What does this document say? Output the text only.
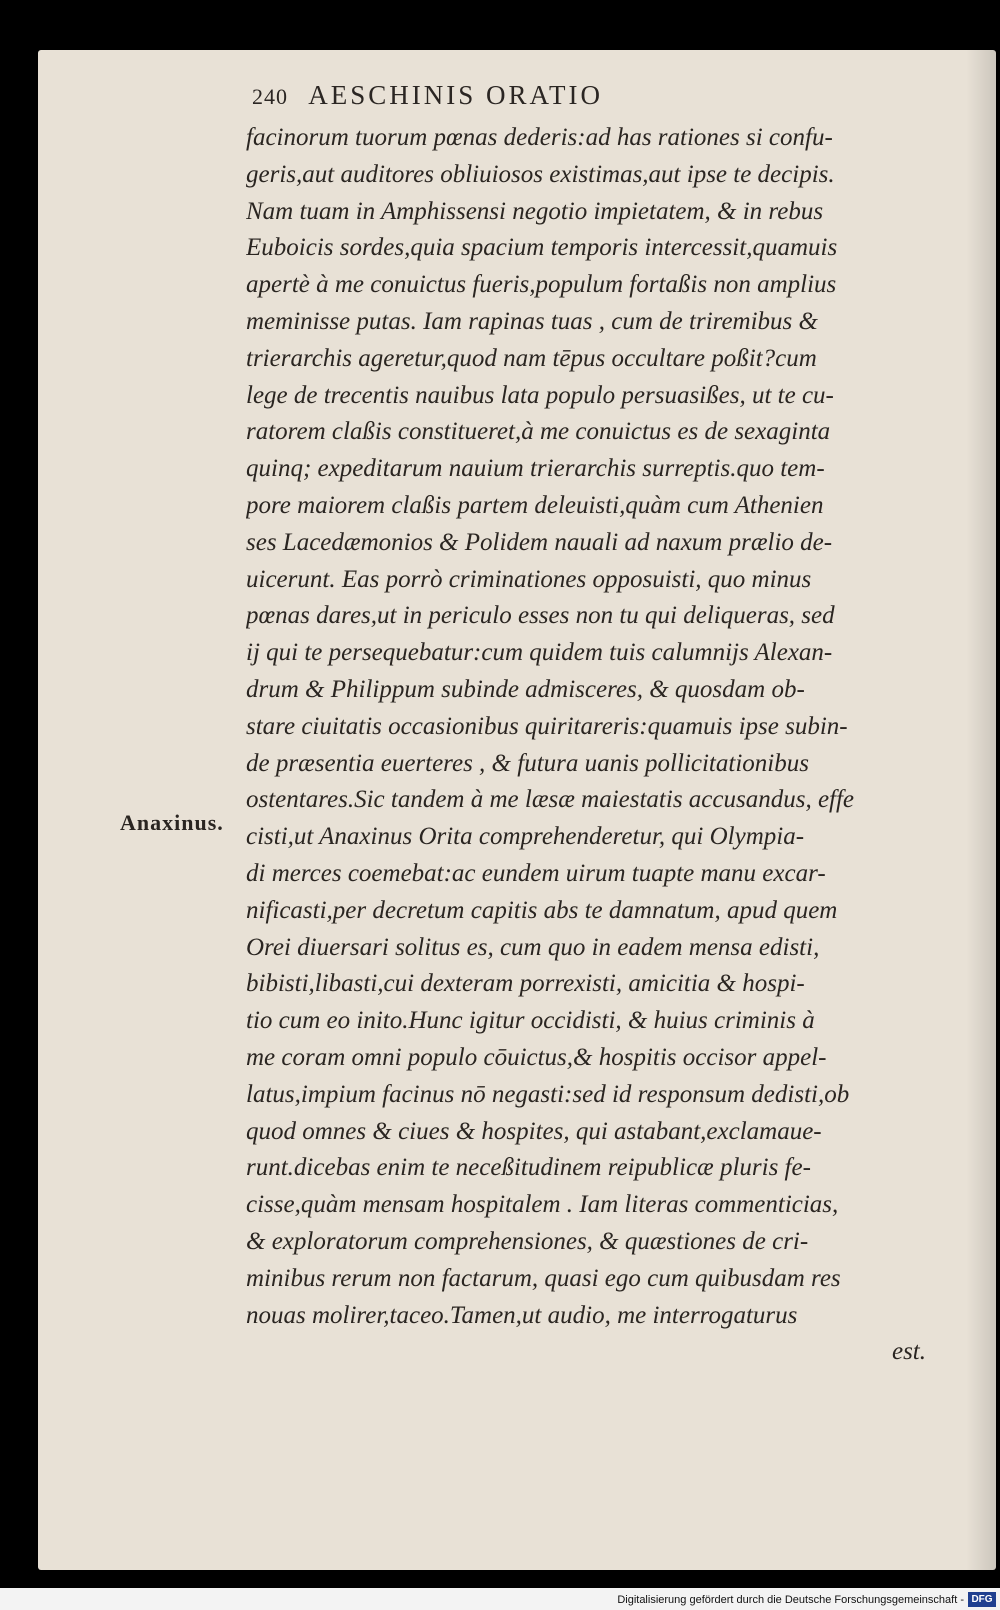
240 AESCHINIS ORATIO
Anaxinus.
facinorum tuorum pœnas dederis:ad has rationes si confu-
geris,aut auditores obliuiosos existimas,aut ipse te decipis.
Nam tuam in Amphissensi negotio impietatem, & in rebus
Euboicis sordes,quia spacium temporis intercessit,quamuis
apertè à me conuictus fueris,populum fortaßis non amplius
meminisse putas. Iam rapinas tuas , cum de triremibus &
trierarchis ageretur,quod nam tēpus occultare poßit?cum
lege de trecentis nauibus lata populo persuasißes, ut te cu-
ratorem claßis constitueret,à me conuictus es de sexaginta
quinq; expeditarum nauium trierarchis surreptis.quo tem-
pore maiorem claßis partem deleuisti,quàm cum Athenien
ses Lacedæmonios & Polidem nauali ad naxum prælio de-
uicerunt. Eas porrò criminationes opposuisti, quo minus
pœnas dares,ut in periculo esses non tu qui deliqueras, sed
ij qui te persequebatur:cum quidem tuis calumnijs Alexan-
drum & Philippum subinde admisceres, & quosdam ob-
stare ciuitatis occasionibus quiritareris:quamuis ipse subin-
de præsentia euerteres , & futura uanis pollicitationibus
ostentares.Sic tandem à me læsæ maiestatis accusandus, effe
cisti,ut Anaxinus Orita comprehenderetur, qui Olympia-
di merces coemebat:ac eundem uirum tuapte manu excar-
nificasti,per decretum capitis abs te damnatum, apud quem
Orei diuersari solitus es, cum quo in eadem mensa edisti,
bibisti,libasti,cui dexteram porrexisti, amicitia & hospi-
tio cum eo inito.Hunc igitur occidisti, & huius criminis à
me coram omni populo cōuictus,& hospitis occisor appel-
latus,impium facinus nō negasti:sed id responsum dedisti,ob
quod omnes & ciues & hospites, qui astabant,exclamaue-
runt.dicebas enim te neceßitudinem reipublicæ pluris fe-
cisse,quàm mensam hospitalem . Iam literas commenticias,
& exploratorum comprehensiones, & quæstiones de cri-
minibus rerum non factarum, quasi ego cum quibusdam res
nouas molirer,taceo.Tamen,ut audio, me interrogaturus
est.
Digitalisierung gefördert durch die Deutsche Forschungsgemeinschaft - DFG
